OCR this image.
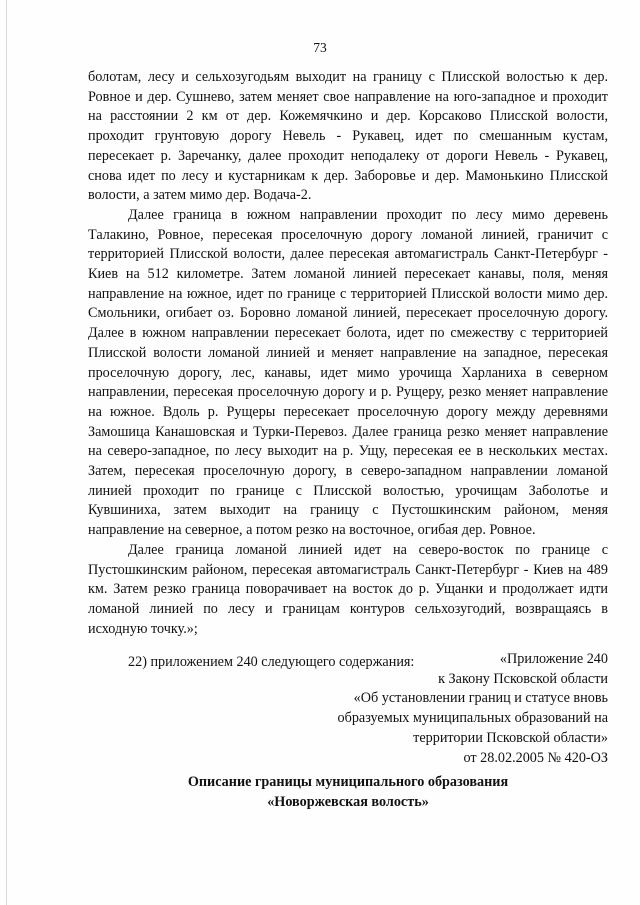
73

болотам, лесу и сельхозугодьям выходит на границу с Плисской волостью к дер. Ровное и дер. Сушнево, затем меняет свое направление на юго-западное и проходит на расстоянии 2 км от дер. Кожемячкино и дер. Корсаково Плисской волости, проходит грунтовую дорогу Невель - Рукавец, идет по смешанным кустам, пересекает р. Заречанку, далее проходит неподалеку от дороги Невель - Рукавец, снова идет по лесу и кустарникам к дер. Заборовье и дер. Мамонькино Плисской волости, а затем мимо дер. Водача-2.

Далее граница в южном направлении проходит по лесу мимо деревень Талакино, Ровное, пересекая проселочную дорогу ломаной линией, граничит с территорией Плисской волости, далее пересекая автомагистраль Санкт-Петербург - Киев на 512 километре. Затем ломаной линией пересекает канавы, поля, меняя направление на южное, идет по границе с территорией Плисской волости мимо дер. Смольники, огибает оз. Боровно ломаной линией, пересекает проселочную дорогу. Далее в южном направлении пересекает болота, идет по смежеству с территорией Плисской волости ломаной линией и меняет направление на западное, пересекая проселочную дорогу, лес, канавы, идет мимо урочища Харланиха в северном направлении, пересекая проселочную дорогу и р. Рущеру, резко меняет направление на южное. Вдоль р. Рущеры пересекает проселочную дорогу между деревнями Замошица Канашовская и Турки-Перевоз. Далее граница резко меняет направление на северо-западное, по лесу выходит на р. Ущу, пересекая ее в нескольких местах. Затем, пересекая проселочную дорогу, в северо-западном направлении ломаной линией проходит по границе с Плисской волостью, урочищам Заболотье и Кувшиниха, затем выходит на границу с Пустошкинским районом, меняя направление на северное, а потом резко на восточное, огибая дер. Ровное.

Далее граница ломаной линией идет на северо-восток по границе с Пустошкинским районом, пересекая автомагистраль Санкт-Петербург - Киев на 489 км. Затем резко граница поворачивает на восток до р. Ущанки и продолжает идти ломаной линией по лесу и границам контуров сельхозугодий, возвращаясь в исходную точку.»;

22) приложением 240 следующего содержания:	«Приложение 240
к Закону Псковской области
«Об установлении границ и статусе вновь
образуемых муниципальных образований на
территории Псковской области»
от 28.02.2005 № 420-ОЗ
Описание границы муниципального образования
«Новоржевская волость»
